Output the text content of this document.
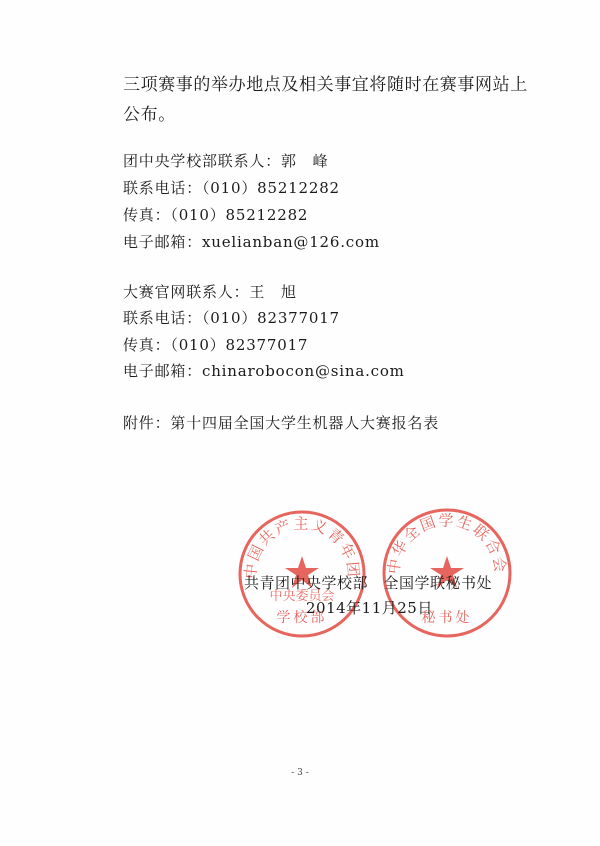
三项赛事的举办地点及相关事宜将随时在赛事网站上
公布。
团中央学校部联系人：郭　峰
联系电话：（010）85212282
传真：（010）85212282
电子邮箱：xuelianban@126.com
大赛官网联系人：王　旭
联系电话：（010）82377017
传真：（010）82377017
电子邮箱：chinarobocon@sina.com
附件：第十四届全国大学生机器人大赛报名表
中国共产主义青年团
中央委员会
学校部
中华全国学生联合会
秘书处
共青团中央学校部　全国学联秘书处
2014年11月25日
- 3 -
